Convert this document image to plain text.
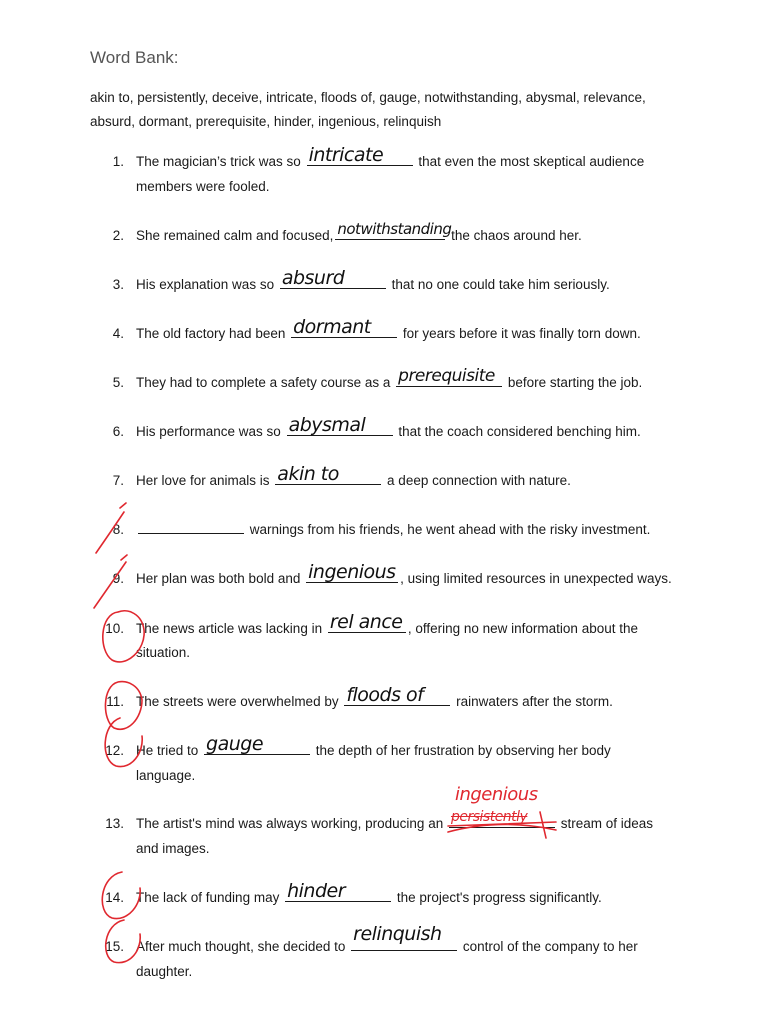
Word Bank:
akin to, persistently, deceive, intricate, floods of, gauge, notwithstanding, abysmal, relevance,
absurd, dormant, prerequisite, hinder, ingenious, relinquish
1. The magician’s trick was so intricate that even the most skeptical audience
members were fooled.
2. She remained calm and focused, notwithstanding
the chaos around her.
3. His explanation was so absurd	that no one could take him seriously.
4. The old factory had been dormant for years before it was finally torn down.
5. They had to complete a safety course as a prerequisite before starting the job.
6. His performance was so abysmal that the coach considered benching him.
7. Her love for animals is akin to	a deep connection with nature.
8.	warnings from his friends, he went ahead with the risky investment.
9. Her plan was both bold and ingenious , using limited resources in unexpected ways.
10. The news article was lacking in rel ance , offering no new information about the
situation.
11. The streets were overwhelmed by floods of rainwaters after the storm.
12. He tried to gauge	the depth of her frustration by observing her body
language.
13. The artist's mind was always working, producing an persistently
ingenious
stream of ideas
and images.
14. The lack of funding may hinder	the project's progress significantly.
15. After much thought, she decided to
relinquish
control of the company to her
daughter.
